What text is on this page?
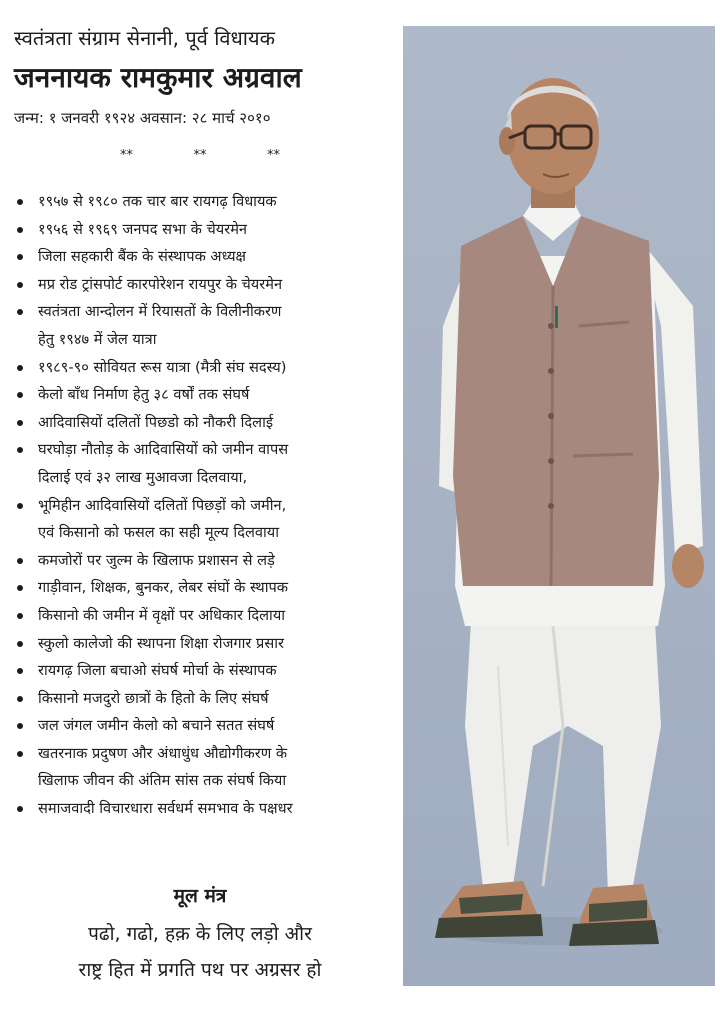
स्वतंत्रता संग्राम सेनानी, पूर्व विधायक
जननायक रामकुमार अग्रवाल
जन्म: १ जनवरी १९२४ अवसान: २८ मार्च २०१०
**	**	**
१९५७ से १९८० तक चार बार रायगढ़ विधायक
१९५६ से १९६९ जनपद सभा के चेयरमेन
जिला सहकारी बैंक के संस्थापक अध्यक्ष
मप्र रोड ट्रांसपोर्ट कारपोरेशन रायपुर के चेयरमेन
स्वतंत्रता आन्दोलन में रियासतों के विलीनीकरण
हेतु १९४७ में जेल यात्रा
१९८९-९० सोवियत रूस यात्रा (मैत्री संघ सदस्य)
केलो बाँध निर्माण हेतु ३८ वर्षों तक संघर्ष
आदिवासियों दलितों पिछडो को नौकरी दिलाई
घरघोड़ा नौतोड़ के आदिवासियों को जमीन वापस
दिलाई एवं ३२ लाख मुआवजा दिलवाया,
भूमिहीन आदिवासियों दलितों पिछड़ों को जमीन,
एवं किसानो को फसल का सही मूल्य दिलवाया
कमजोरों पर जुल्म के खिलाफ प्रशासन से लड़े
गाड़ीवान, शिक्षक, बुनकर, लेबर संघों के स्थापक
किसानो की जमीन में वृक्षों पर अधिकार दिलाया
स्कुलो कालेजो की स्थापना शिक्षा रोजगार प्रसार
रायगढ़ जिला बचाओ संघर्ष मोर्चा के संस्थापक
किसानो मजदुरो छात्रों के हितो के लिए संघर्ष
जल जंगल जमीन केलो को बचाने सतत संघर्ष
खतरनाक प्रदुषण और अंधाधुंध औद्योगीकरण के
खिलाफ जीवन की अंतिम सांस तक संघर्ष किया
समाजवादी विचारधारा सर्वधर्म समभाव के पक्षधर
मूल मंत्र
पढो, गढो, हक़ के लिए लड़ो और
राष्ट्र हित में प्रगति पथ पर अग्रसर हो
